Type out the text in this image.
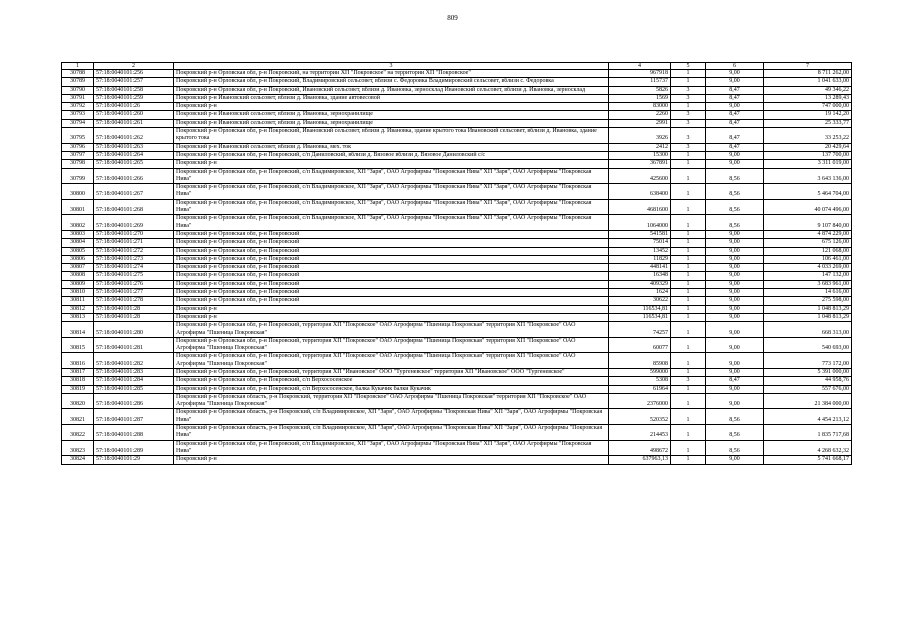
809
1	2	3	4	5	6	7
30788	57:18:0040101:256	Покровский р-н Орловская обл, р-н Покровский, на территории ХП "Покровское" на территории ХП "Покровское"	967918	1	9,00	8 711 262,00
30789	57:18:0040101:257	Покровский р-н Орловская обл, р-н Покровский, Владимировский сельсовет, вблизи с. Федоровка Владимировский сельсовет, вблизи с. Федоровка	115737	1	9,00	1 041 633,00
30790	57:18:0040101:258	Покровский р-н Орловская обл, р-н Покровский, Ивановский сельсовет, вблизи д. Ивановка, зерносклад Ивановский сельсовет, вблизи д. Ивановка, зерносклад	5826	3	8,47	49 346,22
30791	57:18:0040101:259	Покровский р-н Ивановский сельсовет, вблизи д. Ивановка, здание автовесовой	1569	3	8,47	13 289,43
30792	57:18:0040101:26	Покровский р-н	83000	1	9,00	747 000,00
30793	57:18:0040101:260	Покровский р-н Ивановский сельсовет, вблизи д. Ивановка, зернохранилище	2260	3	8,47	19 142,20
30794	57:18:0040101:261	Покровский р-н Ивановский сельсовет, вблизи д. Ивановка, зернохранилище	2991	3	8,47	25 333,77
30795	57:18:0040101:262	Покровский р-н Орловская обл, р-н Покровский, Ивановский сельсовет, вблизи д. Ивановка, здание крытого тока Ивановский сельсовет, вблизи д. Ивановка, здание крытого тока	3926	3	8,47	33 253,22
30796	57:18:0040101:263	Покровский р-н Ивановский сельсовет, вблизи д. Ивановка, мех. ток	2412	3	8,47	20 429,64
30797	57:18:0040101:264	Покровский р-н Орловская обл, р-н Покровский, с/п Даниловский, вблизи д. Вязовое вблизи д. Вязовое Даниловский с/с	15300	1	9,00	137 700,00
30798	57:18:0040101:265	Покровский р-н	367891	1	9,00	3 311 019,00
30799	57:18:0040101:266	Покровский р-н Орловская обл, р-н Покровский, с/п Владимировское, ХП "Заря", ОАО Агрофирмы "Покровская Нива" ХП "Заря", ОАО Агрофирмы "Покровская Нива"	425600	1	8,56	3 643 136,00
30800	57:18:0040101:267	Покровский р-н Орловская обл, р-н Покровский, с/п Владимировское, ХП "Заря", ОАО Агрофирмы "Покровская Нива" ХП "Заря", ОАО Агрофирмы "Покровская Нива"	638400	1	8,56	5 464 704,00
30801	57:18:0040101:268	Покровский р-н Орловская обл, р-н Покровский, с/п Владимировское, ХП "Заря", ОАО Агрофирмы "Покровская Нива" ХП "Заря", ОАО Агрофирмы "Покровская Нива"	4681600	1	8,56	40 074 496,00
30802	57:18:0040101:269	Покровский р-н Орловская обл, р-н Покровский, с/п Владимировское, ХП "Заря", ОАО Агрофирмы "Покровская Нива" ХП "Заря", ОАО Агрофирмы "Покровская Нива"	1064000	1	8,56	9 107 840,00
30803	57:18:0040101:270	Покровский р-н Орловская обл, р-н Покровский	541581	1	9,00	4 874 229,00
30804	57:18:0040101:271	Покровский р-н Орловская обл, р-н Покровский	75014	1	9,00	675 126,00
30805	57:18:0040101:272	Покровский р-н Орловская обл, р-н Покровский	13452	1	9,00	121 068,00
30806	57:18:0040101:273	Покровский р-н Орловская обл, р-н Покровский	11829	1	9,00	106 461,00
30807	57:18:0040101:274	Покровский р-н Орловская обл, р-н Покровский	448141	1	9,00	4 033 269,00
30808	57:18:0040101:275	Покровский р-н Орловская обл, р-н Покровский	16348	1	9,00	147 132,00
30809	57:18:0040101:276	Покровский р-н Орловская обл, р-н Покровский	409329	1	9,00	3 683 961,00
30810	57:18:0040101:277	Покровский р-н Орловская обл, р-н Покровский	1624	1	9,00	14 616,00
30811	57:18:0040101:278	Покровский р-н Орловская обл, р-н Покровский	30622	1	9,00	275 598,00
30812	57:18:0040101:28	Покровский р-н	116534,81	1	9,00	1 048 813,29
30813	57:18:0040101:28	Покровский р-н	116534,81	1	9,00	1 048 813,29
30814	57:18:0040101:280	Покровский р-н Орловская обл, р-н Покровский, территория ХП "Покровское" ОАО Агрофирма "Пшеница Покровская" территория ХП "Покровское" ОАО Агрофирма "Пшеница Покровская"	74257	1	9,00	668 313,00
30815	57:18:0040101:281	Покровский р-н Орловская обл, р-н Покровский, территория ХП "Покровское" ОАО Агрофирма "Пшеница Покровская" территория ХП "Покровское" ОАО Агрофирма "Пшеница Покровская"	60077	1	9,00	540 693,00
30816	57:18:0040101:282	Покровский р-н Орловская обл, р-н Покровский, территория ХП "Покровское" ОАО Агрофирма "Пшеница Покровская" территория ХП "Покровское" ОАО Агрофирма "Пшеница Покровская"	85908	1	9,00	773 172,00
30817	57:18:0040101:283	Покровский р-н Орловская обл, р-н Покровский, территория ХП "Ивановское" ООО "Тургеневское" территория ХП "Ивановское" ООО "Тургеневское"	599000	1	9,00	5 391 000,00
30818	57:18:0040101:284	Покровский р-н Орловская обл, р-н Покровский, с/п Верхососенское	5308	3	8,47	44 958,76
30819	57:18:0040101:285	Покровский р-н Орловская обл, р-н Покровский, с/п Верхососенское, балка Кукачик балки Кукачик	61964	1	9,00	557 676,00
30820	57:18:0040101:286	Покровский р-н Орловская область, р-н Покровский, территория ХП "Покровское" ОАО Агрофирма "Пшеница Покровская" территория ХП "Покровское" ОАО Агрофирма "Пшеница Покровская"	2376000	1	9,00	21 384 000,00
30821	57:18:0040101:287	Покровский р-н Орловская область, р-н Покровский, с/п Владимировское, ХП "Заря", ОАО Агрофирмы "Покровская Нива" ХП "Заря", ОАО Агрофирмы "Покровская Нива"	520352	1	8,56	4 454 213,12
30822	57:18:0040101:288	Покровский р-н Орловская область, р-н Покровский, с/п Владимировское, ХП "Заря", ОАО Агрофирмы "Покровская Нива" ХП "Заря", ОАО Агрофирмы "Покровская Нива"	214453	1	8,56	1 835 717,68
30823	57:18:0040101:289	Покровский р-н Орловская обл, р-н Покровский, с/п Владимировское, ХП "Заря", ОАО Агрофирмы "Покровская Нива" ХП "Заря", ОАО Агрофирмы "Покровская Нива"	498672	1	8,56	4 268 632,32
30824	57:18:0040101:29	Покровский р-н	637963,13	1	9,00	5 741 668,17
